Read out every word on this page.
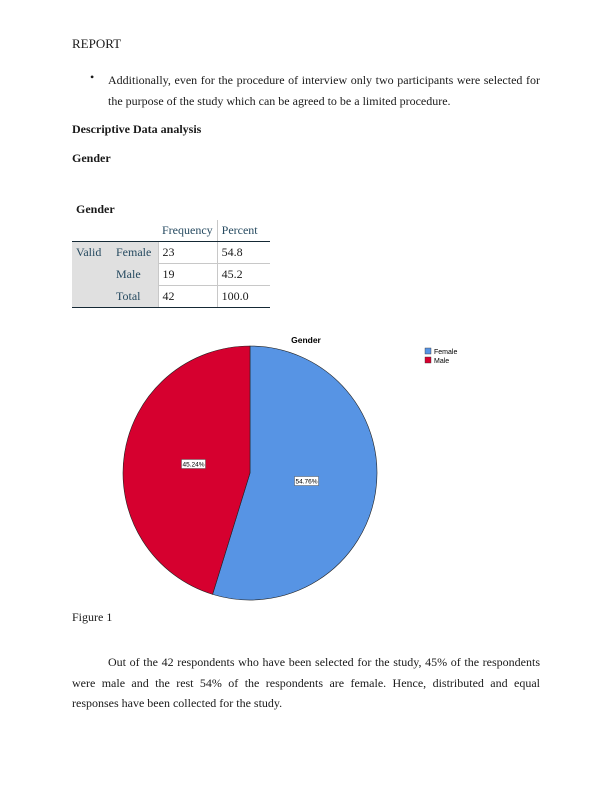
REPORT
• Additionally, even for the procedure of interview only two participants were selected for the purpose of the study which can be agreed to be a limited procedure.
Descriptive Data analysis
Gender
Gender
		Frequency	Percent
Valid	Female	23	54.8
	Male	19	45.2
	Total	42	100.0
Gender
54.76%
45.24%
Female
Male
Figure 1
Out of the 42 respondents who have been selected for the study, 45% of the respondents were male and the rest 54% of the respondents are female. Hence, distributed and equal responses have been collected for the study.
